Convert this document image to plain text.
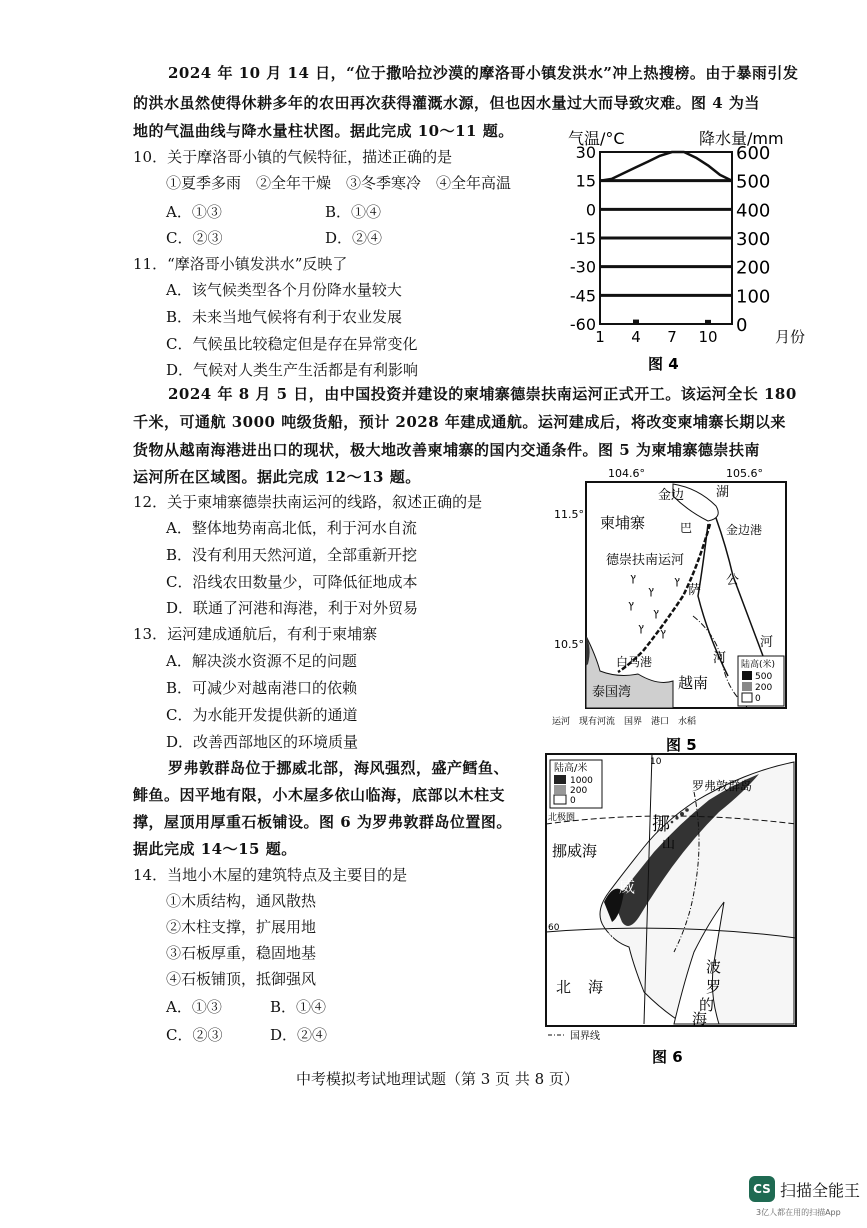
2024 年 10 月 14 日，“位于撒哈拉沙漠的摩洛哥小镇发洪水”冲上热搜榜。由于暴雨引发
的洪水虽然使得休耕多年的农田再次获得灌溉水源，但也因水量过大而导致灾难。图 4 为当
地的气温曲线与降水量柱状图。据此完成 10～11 题。
10．关于摩洛哥小镇的气候特征，描述正确的是
①夏季多雨　②全年干燥　③冬季寒冷　④全年高温
A．①③	B．①④
C．②③	D．②④
11．“摩洛哥小镇发洪水”反映了
A．该气候类型各个月份降水量较大
B．未来当地气候将有利于农业发展
C．气候虽比较稳定但是存在异常变化
D．气候对人类生产生活都是有利影响
气温/°C	降水量/mm
30
15
0
-15
-30
-45
-60
600
500
400
300
200
100
0
1 4 7 10	月份
图 4
2024 年 8 月 5 日，由中国投资并建设的柬埔寨德崇扶南运河正式开工。该运河全长 180
千米，可通航 3000 吨级货船，预计 2028 年建成通航。运河建成后，将改变柬埔寨长期以来
货物从越南海港进出口的现状，极大地改善柬埔寨的国内交通条件。图 5 为柬埔寨德崇扶南
运河所在区域图。据此完成 12～13 题。
12．关于柬埔寨德崇扶南运河的线路，叙述正确的是
A．整体地势南高北低，利于河水自流
B．没有利用天然河道，全部重新开挖
C．沿线农田数量少，可降低征地成本
D．联通了河港和海港，利于对外贸易
13．运河建成通航后，有利于柬埔寨
A．解决淡水资源不足的问题
B．可减少对越南港口的依赖
C．为水能开发提供新的通道
D．改善西部地区的环境质量
104.6°	105.6°
11.5°
10.5°
ץ
ץ
ץ
ץ
ץ ץ
ץ
金边 湖
金边港
柬埔寨	巴
德崇扶南运河
萨
公
河
河
白马港
泰国湾
越南
陆高(米)
500
200
0
运河　现有河流　国界　港口　水稻
图 5
罗弗敦群岛位于挪威北部，海风强烈，盛产鳕鱼、
鲱鱼。因平地有限，小木屋多依山临海，底部以木柱支
撑，屋顶用厚重石板铺设。图 6 为罗弗敦群岛位置图。
据此完成 14～15 题。
14．当地小木屋的建筑特点及主要目的是
①木质结构，通风散热
②木柱支撑，扩展用地
③石板厚重，稳固地基
④石板铺顶，抵御强风
A．①③	B．①④
C．②③	D．②④
陆高/米
1000
200
0
10
60
北极圈
罗弗敦群岛
挪威海
挪
山
威
威
北 海
波
罗
的
海
国界线
图 6
中考模拟考试地理试题（第 3 页 共 8 页）
CS 扫描全能王
3亿人都在用的扫描App
